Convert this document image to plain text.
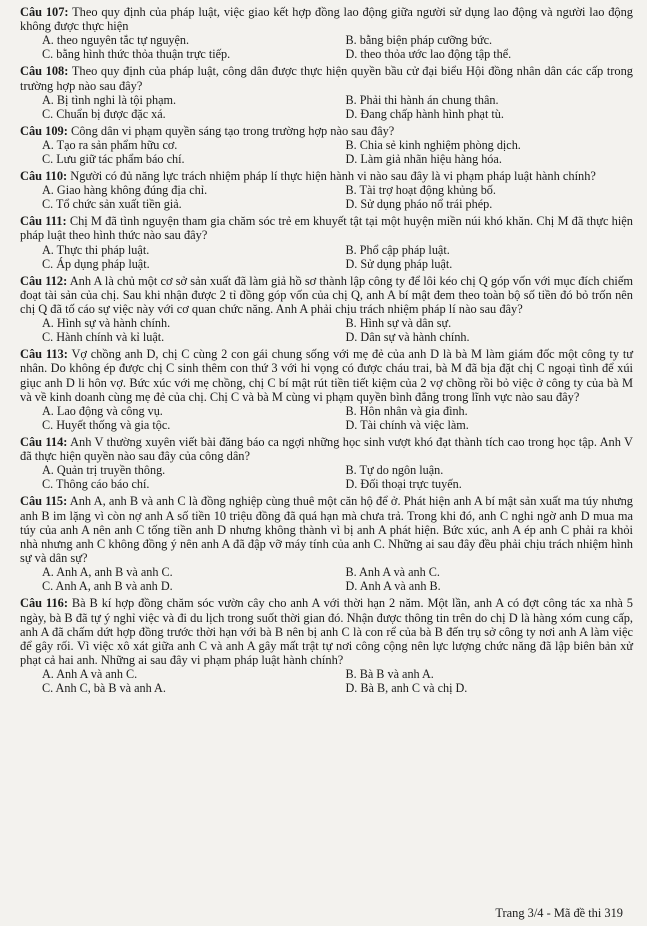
Câu 107: Theo quy định của pháp luật, việc giao kết hợp đồng lao động giữa người sử dụng lao động và người lao động không được thực hiện
A. theo nguyên tắc tự nguyện.	B. bằng biện pháp cưỡng bức.
C. bằng hình thức thỏa thuận trực tiếp.	D. theo thỏa ước lao động tập thể.
Câu 108: Theo quy định của pháp luật, công dân được thực hiện quyền bầu cử đại biểu Hội đồng nhân dân các cấp trong trường hợp nào sau đây?
A. Bị tình nghi là tội phạm.	B. Phải thi hành án chung thân.
C. Chuẩn bị được đặc xá.	D. Đang chấp hành hình phạt tù.
Câu 109: Công dân vi phạm quyền sáng tạo trong trường hợp nào sau đây?
A. Tạo ra sản phẩm hữu cơ.	B. Chia sẻ kinh nghiệm phòng dịch.
C. Lưu giữ tác phẩm báo chí.	D. Làm giả nhãn hiệu hàng hóa.
Câu 110: Người có đủ năng lực trách nhiệm pháp lí thực hiện hành vi nào sau đây là vi phạm pháp luật hành chính?
A. Giao hàng không đúng địa chỉ.	B. Tài trợ hoạt động khủng bố.
C. Tổ chức sản xuất tiền giả.	D. Sử dụng pháo nổ trái phép.
Câu 111: Chị M đã tình nguyện tham gia chăm sóc trẻ em khuyết tật tại một huyện miền núi khó khăn. Chị M đã thực hiện pháp luật theo hình thức nào sau đây?
A. Thực thi pháp luật.	B. Phổ cập pháp luật.
C. Áp dụng pháp luật.	D. Sử dụng pháp luật.
Câu 112: Anh A là chủ một cơ sở sản xuất đã làm giả hồ sơ thành lập công ty để lôi kéo chị Q góp vốn với mục đích chiếm đoạt tài sản của chị. Sau khi nhận được 2 tỉ đồng góp vốn của chị Q, anh A bí mật đem theo toàn bộ số tiền đó bỏ trốn nên chị Q đã tố cáo sự việc này với cơ quan chức năng. Anh A phải chịu trách nhiệm pháp lí nào sau đây?
A. Hình sự và hành chính.	B. Hình sự và dân sự.
C. Hành chính và kỉ luật.	D. Dân sự và hành chính.
Câu 113: Vợ chồng anh D, chị C cùng 2 con gái chung sống với mẹ đẻ của anh D là bà M làm giám đốc một công ty tư nhân. Do không ép được chị C sinh thêm con thứ 3 với hi vọng có được cháu trai, bà M đã bịa đặt chị C ngoại tình để xúi giục anh D li hôn vợ. Bức xúc với mẹ chồng, chị C bí mật rút tiền tiết kiệm của 2 vợ chồng rồi bỏ việc ở công ty của bà M và về kinh doanh cùng mẹ đẻ của chị. Chị C và bà M cùng vi phạm quyền bình đẳng trong lĩnh vực nào sau đây?
A. Lao động và công vụ.	B. Hôn nhân và gia đình.
C. Huyết thống và gia tộc.	D. Tài chính và việc làm.
Câu 114: Anh V thường xuyên viết bài đăng báo ca ngợi những học sinh vượt khó đạt thành tích cao trong học tập. Anh V đã thực hiện quyền nào sau đây của công dân?
A. Quản trị truyền thông.	B. Tự do ngôn luận.
C. Thông cáo báo chí.	D. Đối thoại trực tuyến.
Câu 115: Anh A, anh B và anh C là đồng nghiệp cùng thuê một căn hộ để ở. Phát hiện anh A bí mật sản xuất ma túy nhưng anh B im lặng vì còn nợ anh A số tiền 10 triệu đồng đã quá hạn mà chưa trả. Trong khi đó, anh C nghi ngờ anh D mua ma túy của anh A nên anh C tống tiền anh D nhưng không thành vì bị anh A phát hiện. Bức xúc, anh A ép anh C phải ra khỏi nhà nhưng anh C không đồng ý nên anh A đã đập vỡ máy tính của anh C. Những ai sau đây đều phải chịu trách nhiệm hình sự và dân sự?
A. Anh A, anh B và anh C.	B. Anh A và anh C.
C. Anh A, anh B và anh D.	D. Anh A và anh B.
Câu 116: Bà B kí hợp đồng chăm sóc vườn cây cho anh A với thời hạn 2 năm. Một lần, anh A có đợt công tác xa nhà 5 ngày, bà B đã tự ý nghỉ việc và đi du lịch trong suốt thời gian đó. Nhận được thông tin trên do chị D là hàng xóm cung cấp, anh A đã chấm dứt hợp đồng trước thời hạn với bà B nên bị anh C là con rể của bà B đến trụ sở công ty nơi anh A làm việc để gây rối. Vì việc xô xát giữa anh C và anh A gây mất trật tự nơi công cộng nên lực lượng chức năng đã lập biên bản xử phạt cả hai anh. Những ai sau đây vi phạm pháp luật hành chính?
A. Anh A và anh C.	B. Bà B và anh A.
C. Anh C, bà B và anh A.	D. Bà B, anh C và chị D.
Trang 3/4 - Mã đề thi 319
